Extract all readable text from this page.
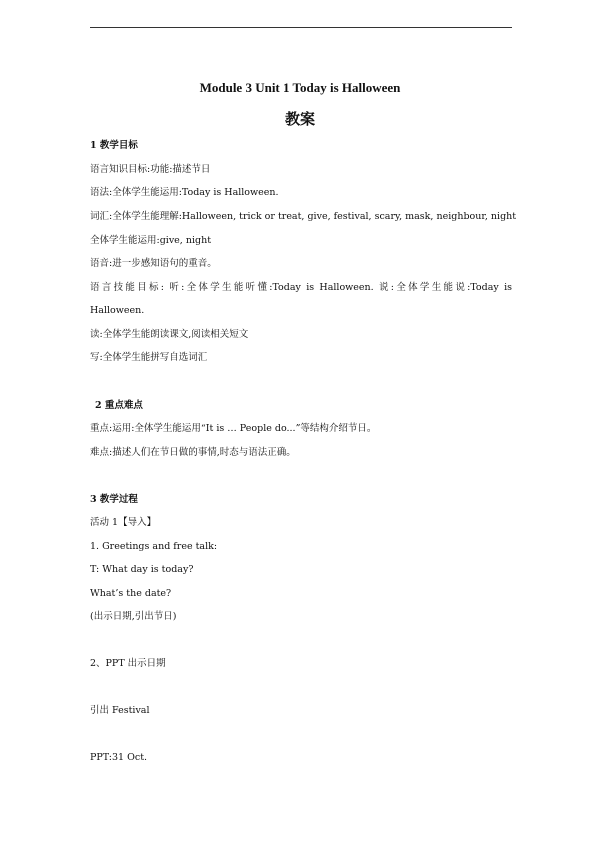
Module 3 Unit 1 Today is Halloween
教案
1 教学目标
语言知识目标:功能:描述节日
语法:全体学生能运用:Today is Halloween.
词汇:全体学生能理解:Halloween, trick or treat, give, festival, scary, mask, neighbour, night
全体学生能运用:give, night
语音:进一步感知语句的重音。
语言技能目标: 听:全体学生能听懂:Today is Halloween. 说:全体学生能说:Today is
Halloween.
读:全体学生能朗读课文,阅读相关短文
写:全体学生能拼写自选词汇
2 重点难点
重点:运用:全体学生能运用“It is … People do...”等结构介绍节日。
难点:描述人们在节日做的事情,时态与语法正确。
3 教学过程
活动 1【导入】
1. Greetings and free talk:
T: What day is today?
What’s the date?
(出示日期,引出节日)
2、PPT 出示日期
引出 Festival
PPT:31 Oct.
